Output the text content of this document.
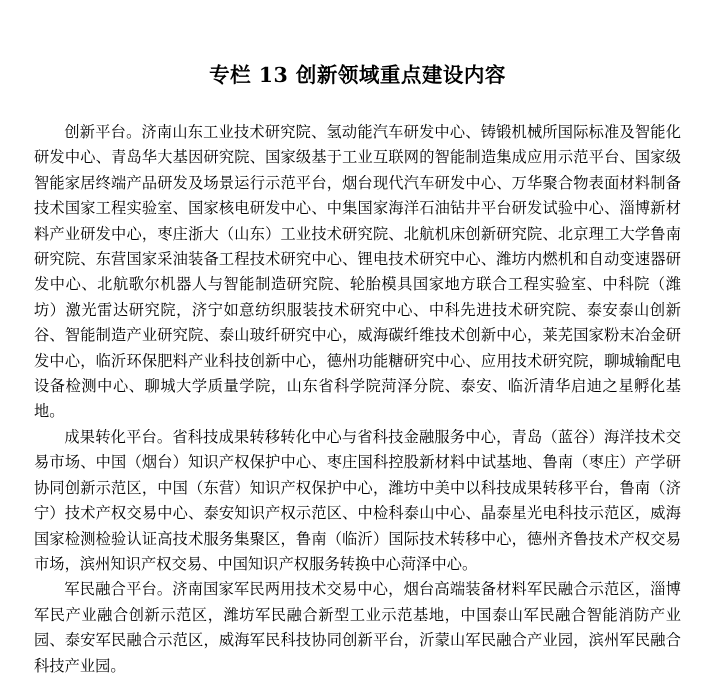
专栏 13 创新领域重点建设内容

创新平台。济南山东工业技术研究院、氢动能汽车研发中心、铸锻机械所国际标准及智能化研发中心、青岛华大基因研究院、国家级基于工业互联网的智能制造集成应用示范平台、国家级智能家居终端产品研发及场景运行示范平台，烟台现代汽车研发中心、万华聚合物表面材料制备技术国家工程实验室、国家核电研发中心、中集国家海洋石油钻井平台研发试验中心、淄博新材料产业研发中心，枣庄浙大（山东）工业技术研究院、北航机床创新研究院、北京理工大学鲁南研究院、东营国家采油装备工程技术研究中心、锂电技术研究中心、潍坊内燃机和自动变速器研发中心、北航歌尔机器人与智能制造研究院、轮胎模具国家地方联合工程实验室、中科院（潍坊）激光雷达研究院，济宁如意纺织服装技术研究中心、中科先进技术研究院、泰安泰山创新谷、智能制造产业研究院、泰山玻纤研究中心，威海碳纤维技术创新中心，莱芜国家粉末冶金研发中心，临沂环保肥料产业科技创新中心，德州功能糖研究中心、应用技术研究院，聊城输配电设备检测中心、聊城大学质量学院，山东省科学院菏泽分院、泰安、临沂清华启迪之星孵化基地。

成果转化平台。省科技成果转移转化中心与省科技金融服务中心，青岛（蓝谷）海洋技术交易市场、中国（烟台）知识产权保护中心、枣庄国科控股新材料中试基地、鲁南（枣庄）产学研协同创新示范区，中国（东营）知识产权保护中心，潍坊中美中以科技成果转移平台，鲁南（济宁）技术产权交易中心、泰安知识产权示范区、中检科泰山中心、晶泰星光电科技示范区，威海国家检测检验认证高技术服务集聚区，鲁南（临沂）国际技术转移中心，德州齐鲁技术产权交易市场，滨州知识产权交易、中国知识产权服务转换中心菏泽中心。

军民融合平台。济南国家军民两用技术交易中心，烟台高端装备材料军民融合示范区，淄博军民产业融合创新示范区，潍坊军民融合新型工业示范基地，中国泰山军民融合智能消防产业园、泰安军民融合示范区，威海军民科技协同创新平台，沂蒙山军民融合产业园，滨州军民融合科技产业园。
